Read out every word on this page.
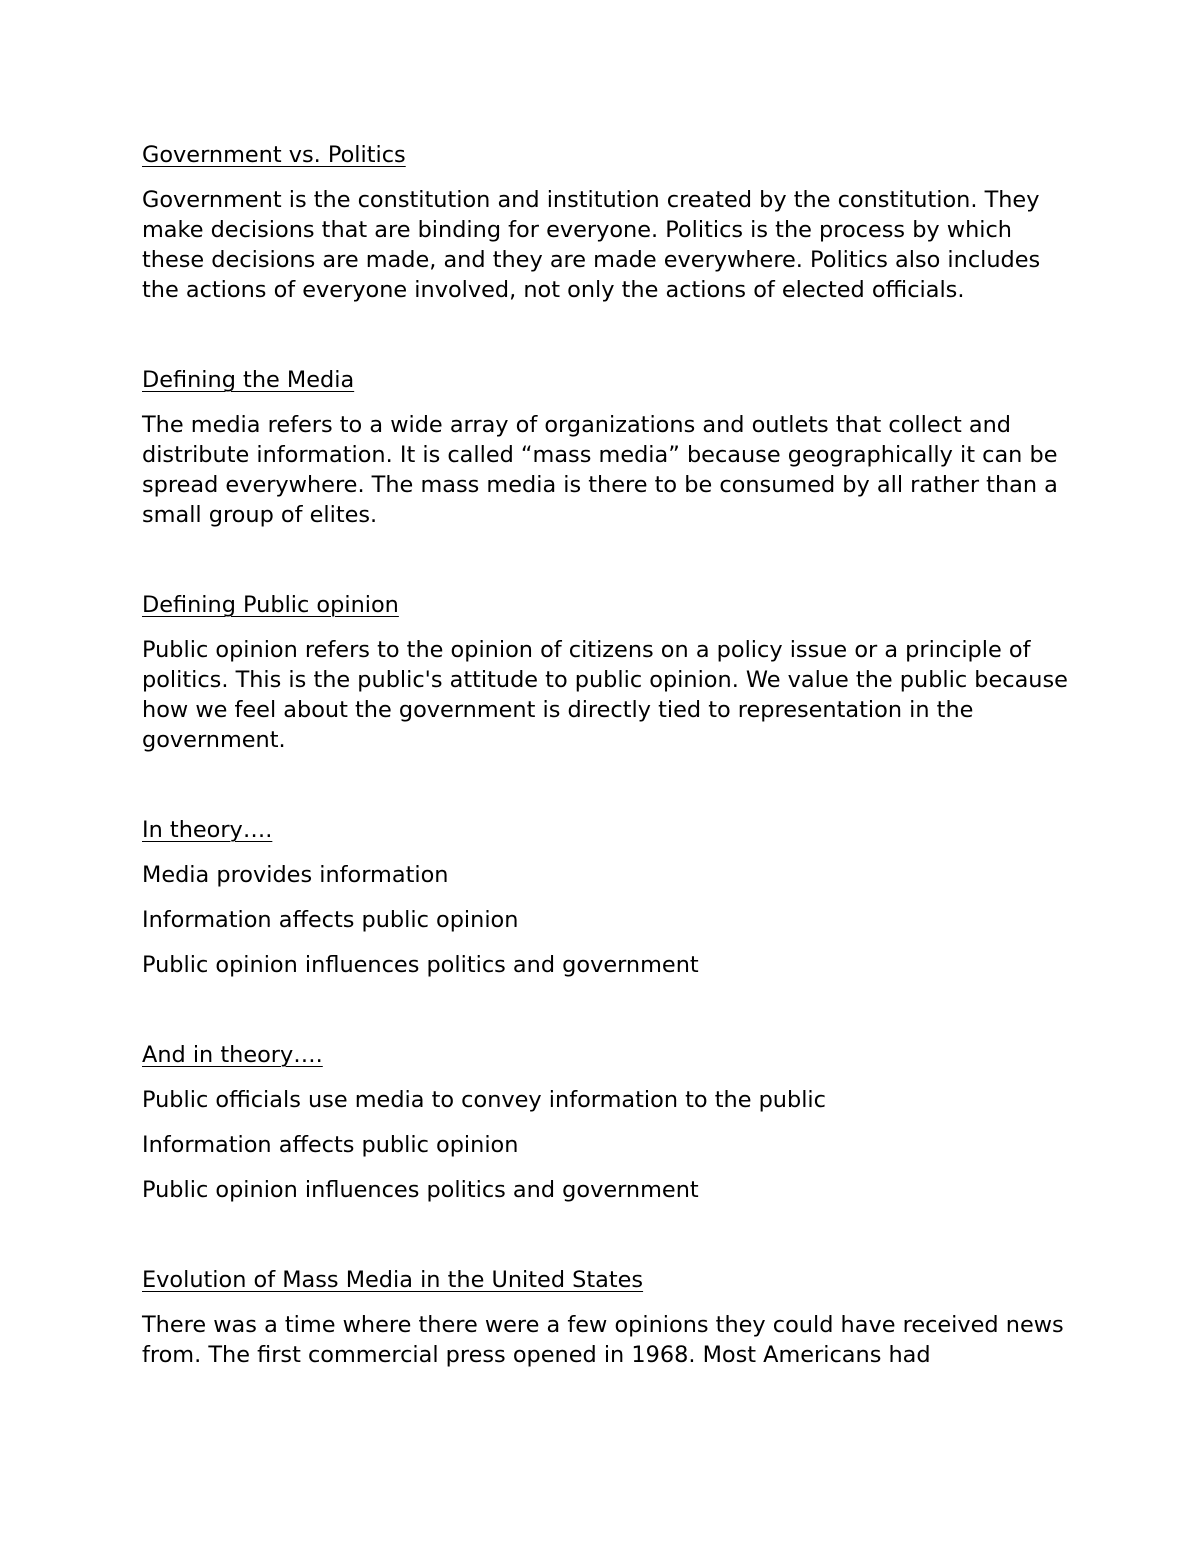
Government vs. Politics

Government is the constitution and institution created by the constitution. They make decisions that are binding for everyone. Politics is the process by which these decisions are made, and they are made everywhere. Politics also includes the actions of everyone involved, not only the actions of elected officials.

Defining the Media

The media refers to a wide array of organizations and outlets that collect and distribute information. It is called “mass media” because geographically it can be spread everywhere. The mass media is there to be consumed by all rather than a small group of elites.

Defining Public opinion

Public opinion refers to the opinion of citizens on a policy issue or a principle of politics. This is the public's attitude to public opinion. We value the public because how we feel about the government is directly tied to representation in the government.

In theory….
Media provides information
Information affects public opinion
Public opinion influences politics and government
And in theory….
Public officials use media to convey information to the public
Information affects public opinion
Public opinion influences politics and government
Evolution of Mass Media in the United States

There was a time where there were a few opinions they could have received news from. The first commercial press opened in 1968. Most Americans had
